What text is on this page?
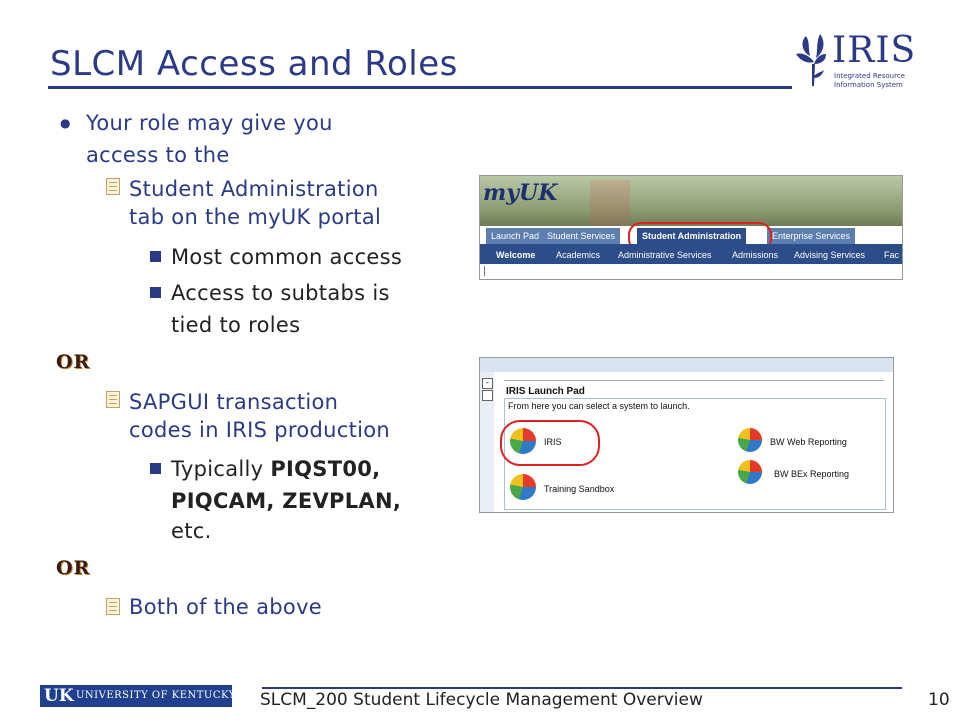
SLCM Access and Roles	IRIS
Integrated Resource
Information System
● Your role may give you access to the
Student Administration
tab on the myUK portal
Most common access
Access to subtabs is
tied to roles
OR
SAPGUI transaction
codes in IRIS production
Typically PIQST00,
PIQCAM, ZEVPLAN,
etc.
OR
Both of the above
myUK
Launch Pad Student Services	Student Administration	Enterprise Services
Welcome Academics Administrative Services Admissions Advising Services Fac
-
IRIS Launch Pad
From here you can select a system to launch.
IRIS
Training Sandbox
BW Web Reporting
BW BEx Reporting
UK UNIVERSITY OF KENTUCKY SLCM_200 Student Lifecycle Management Overview	10
